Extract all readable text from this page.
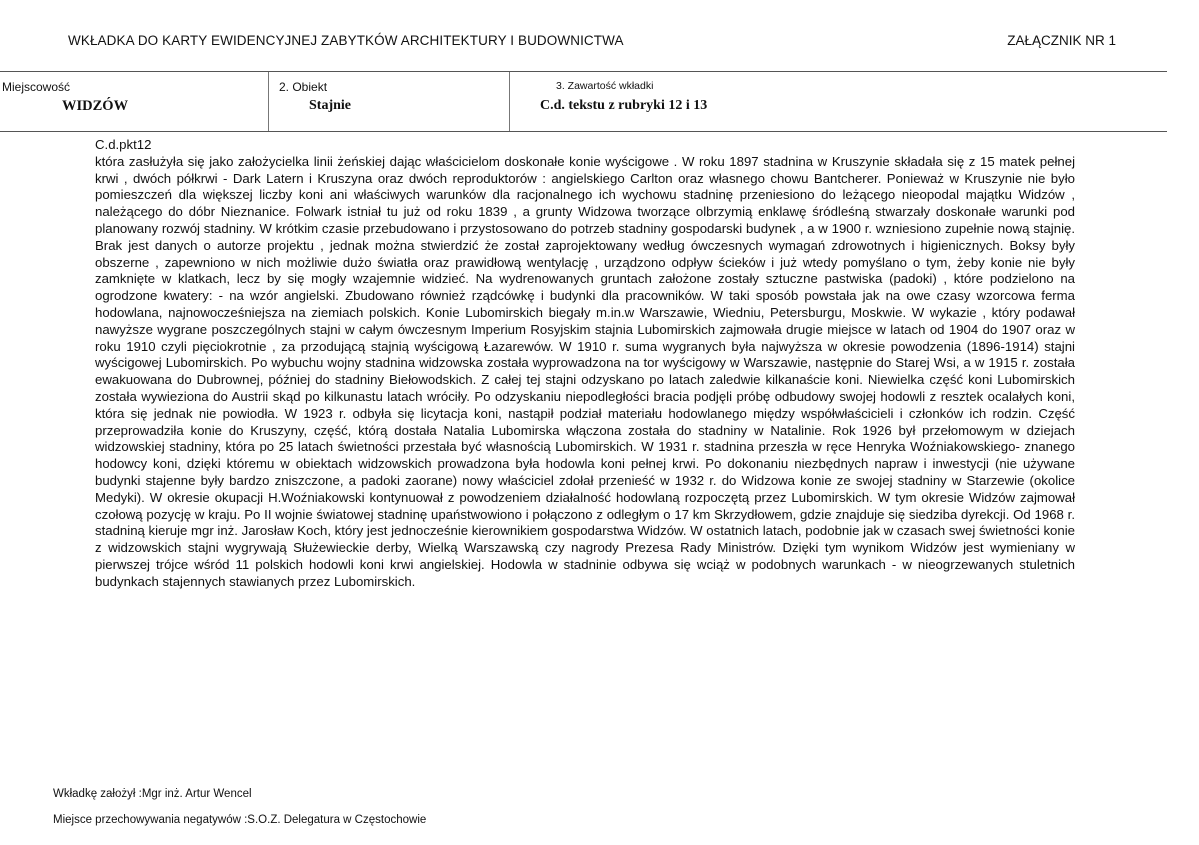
WKŁADKA DO KARTY EWIDENCYJNEJ ZABYTKÓW ARCHITEKTURY I BUDOWNICTWA	ZAŁĄCZNIK NR 1
Miejscowość
WIDZÓW
2. Obiekt
Stajnie
3. Zawartość wkładki
C.d. tekstu z rubryki 12 i 13
C.d.pkt12

która zasłużyła się jako założycielka linii żeńskiej dając właścicielom doskonałe konie wyścigowe . W roku 1897 stadnina w Kruszynie składała się z 15 matek pełnej krwi , dwóch półkrwi - Dark Latern i Kruszyna oraz dwóch reproduktorów : angielskiego Carlton oraz własnego chowu Bantcherer. Ponieważ w Kruszynie nie było pomieszczeń dla większej liczby koni ani właściwych warunków dla racjonalnego ich wychowu stadninę przeniesiono do leżącego nieopodal majątku Widzów , należącego do dóbr Nieznanice. Folwark istniał tu już od roku 1839 , a grunty Widzowa tworzące olbrzymią enklawę śródleśną stwarzały doskonałe warunki pod planowany rozwój stadniny. W krótkim czasie przebudowano i przystosowano do potrzeb stadniny gospodarski budynek , a w 1900 r. wzniesiono zupełnie nową stajnię. Brak jest danych o autorze projektu , jednak można stwierdzić że został zaprojektowany według ówczesnych wymagań zdrowotnych i higienicznych. Boksy były obszerne , zapewniono w nich możliwie dużo światła oraz prawidłową wentylację , urządzono odpływ ścieków i już wtedy pomyślano o tym, żeby konie nie były zamknięte w klatkach, lecz by się mogły wzajemnie widzieć. Na wydrenowanych gruntach założone zostały sztuczne pastwiska (padoki) , które podzielono na ogrodzone kwatery: - na wzór angielski. Zbudowano również rządcówkę i budynki dla pracowników. W taki sposób powstała jak na owe czasy wzorcowa ferma hodowlana, najnowocześniejsza na ziemiach polskich. Konie Lubomirskich biegały m.in.w Warszawie, Wiedniu, Petersburgu, Moskwie. W wykazie , który podawał nawyższe wygrane poszczególnych stajni w całym ówczesnym Imperium Rosyjskim stajnia Lubomirskich zajmowała drugie miejsce w latach od 1904 do 1907 oraz w roku 1910 czyli pięciokrotnie , za przodującą stajnią wyścigową Łazarewów. W 1910 r. suma wygranych była najwyższa w okresie powodzenia (1896-1914) stajni wyścigowej Lubomirskich. Po wybuchu wojny stadnina widzowska została wyprowadzona na tor wyścigowy w Warszawie, następnie do Starej Wsi, a w 1915 r. została ewakuowana do Dubrownej, później do stadniny Biełowodskich. Z całej tej stajni odzyskano po latach zaledwie kilkanaście koni. Niewielka część koni Lubomirskich została wywieziona do Austrii skąd po kilkunastu latach wróciły. Po odzyskaniu niepodległości bracia podjęli próbę odbudowy swojej hodowli z resztek ocalałych koni, która się jednak nie powiodła. W 1923 r. odbyła się licytacja koni, nastąpił podział materiału hodowlanego między współwłaścicieli i członków ich rodzin. Część przeprowadziła konie do Kruszyny, część, którą dostała Natalia Lubomirska włączona została do stadniny w Natalinie. Rok 1926 był przełomowym w dziejach widzowskiej stadniny, która po 25 latach świetności przestała być własnością Lubomirskich. W 1931 r. stadnina przeszła w ręce Henryka Woźniakowskiego- znanego hodowcy koni, dzięki któremu w obiektach widzowskich prowadzona była hodowla koni pełnej krwi. Po dokonaniu niezbędnych napraw i inwestycji (nie używane budynki stajenne były bardzo zniszczone, a padoki zaorane) nowy właściciel zdołał przenieść w 1932 r. do Widzowa konie ze swojej stadniny w Starzewie (okolice Medyki). W okresie okupacji H.Woźniakowski kontynuował z powodzeniem działalność hodowlaną rozpoczętą przez Lubomirskich. W tym okresie Widzów zajmował czołową pozycję w kraju. Po II wojnie światowej stadninę upaństwowiono i połączono z odległym o 17 km Skrzydłowem, gdzie znajduje się siedziba dyrekcji. Od 1968 r. stadniną kieruje mgr inż. Jarosław Koch, który jest jednocześnie kierownikiem gospodarstwa Widzów. W ostatnich latach, podobnie jak w czasach swej świetności konie z widzowskich stajni wygrywają Służewieckie derby, Wielką Warszawską czy nagrody Prezesa Rady Ministrów. Dzięki tym wynikom Widzów jest wymieniany w pierwszej trójce wśród 11 polskich hodowli koni krwi angielskiej. Hodowla w stadninie odbywa się wciąż w podobnych warunkach - w nieogrzewanych stuletnich budynkach stajennych stawianych przez Lubomirskich.

Wkładkę założył :Mgr inż. Artur Wencel
Miejsce przechowywania negatywów :S.O.Z. Delegatura w Częstochowie
